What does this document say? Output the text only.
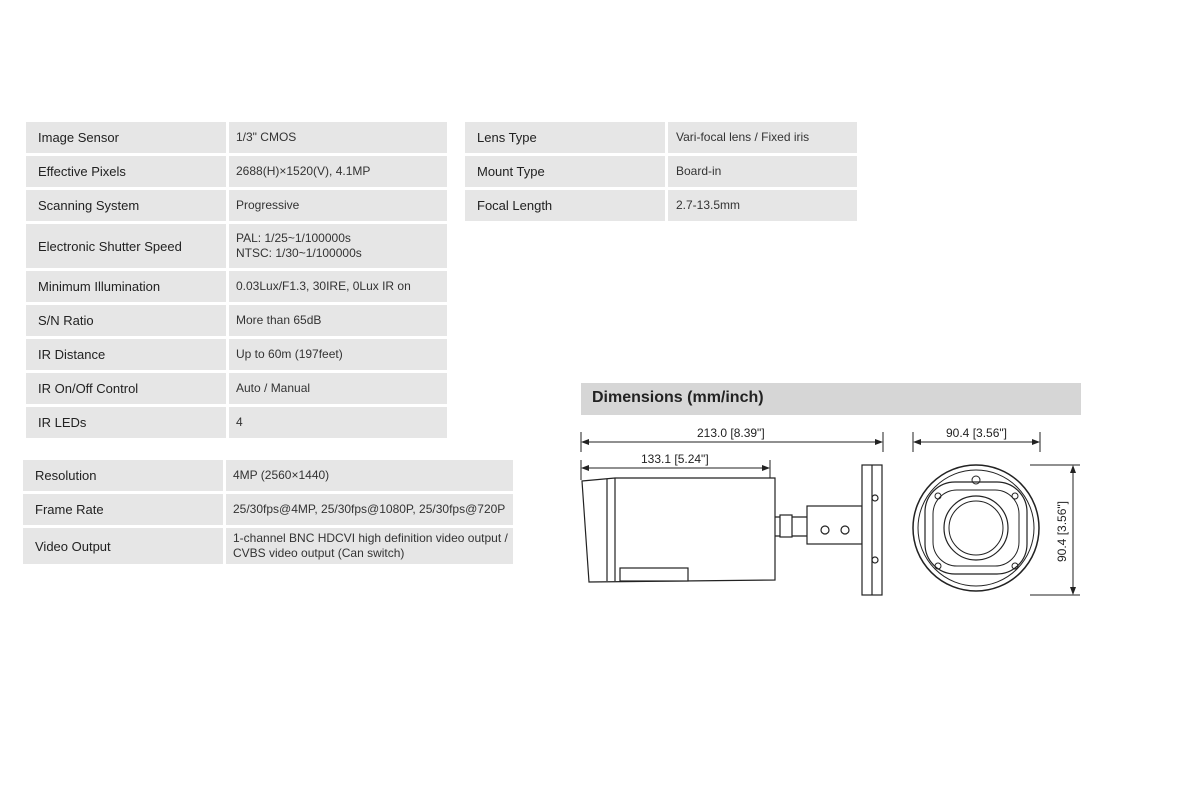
Image Sensor	1/3" CMOS
Effective Pixels	2688(H)×1520(V), 4.1MP
Scanning System	Progressive
Electronic Shutter Speed	PAL: 1/25~1/100000s
NTSC: 1/30~1/100000s

Minimum Illumination	0.03Lux/F1.3, 30IRE, 0Lux IR on
S/N Ratio	More than 65dB
IR Distance	Up to 60m (197feet)
IR On/Off Control	Auto / Manual
IR LEDs	4
Lens Type	Vari-focal lens / Fixed iris
Mount Type	Board-in
Focal Length	2.7-13.5mm
Resolution	4MP (2560×1440)
Frame Rate	25/30fps@4MP, 25/30fps@1080P, 25/30fps@720P
Video Output	1-channel BNC HDCVI high definition video output /
CVBS video output (Can switch)
Dimensions (mm/inch)
213.0 [8.39"]
133.1 [5.24"]
90.4 [3.56"]
90.4 [3.56"]
